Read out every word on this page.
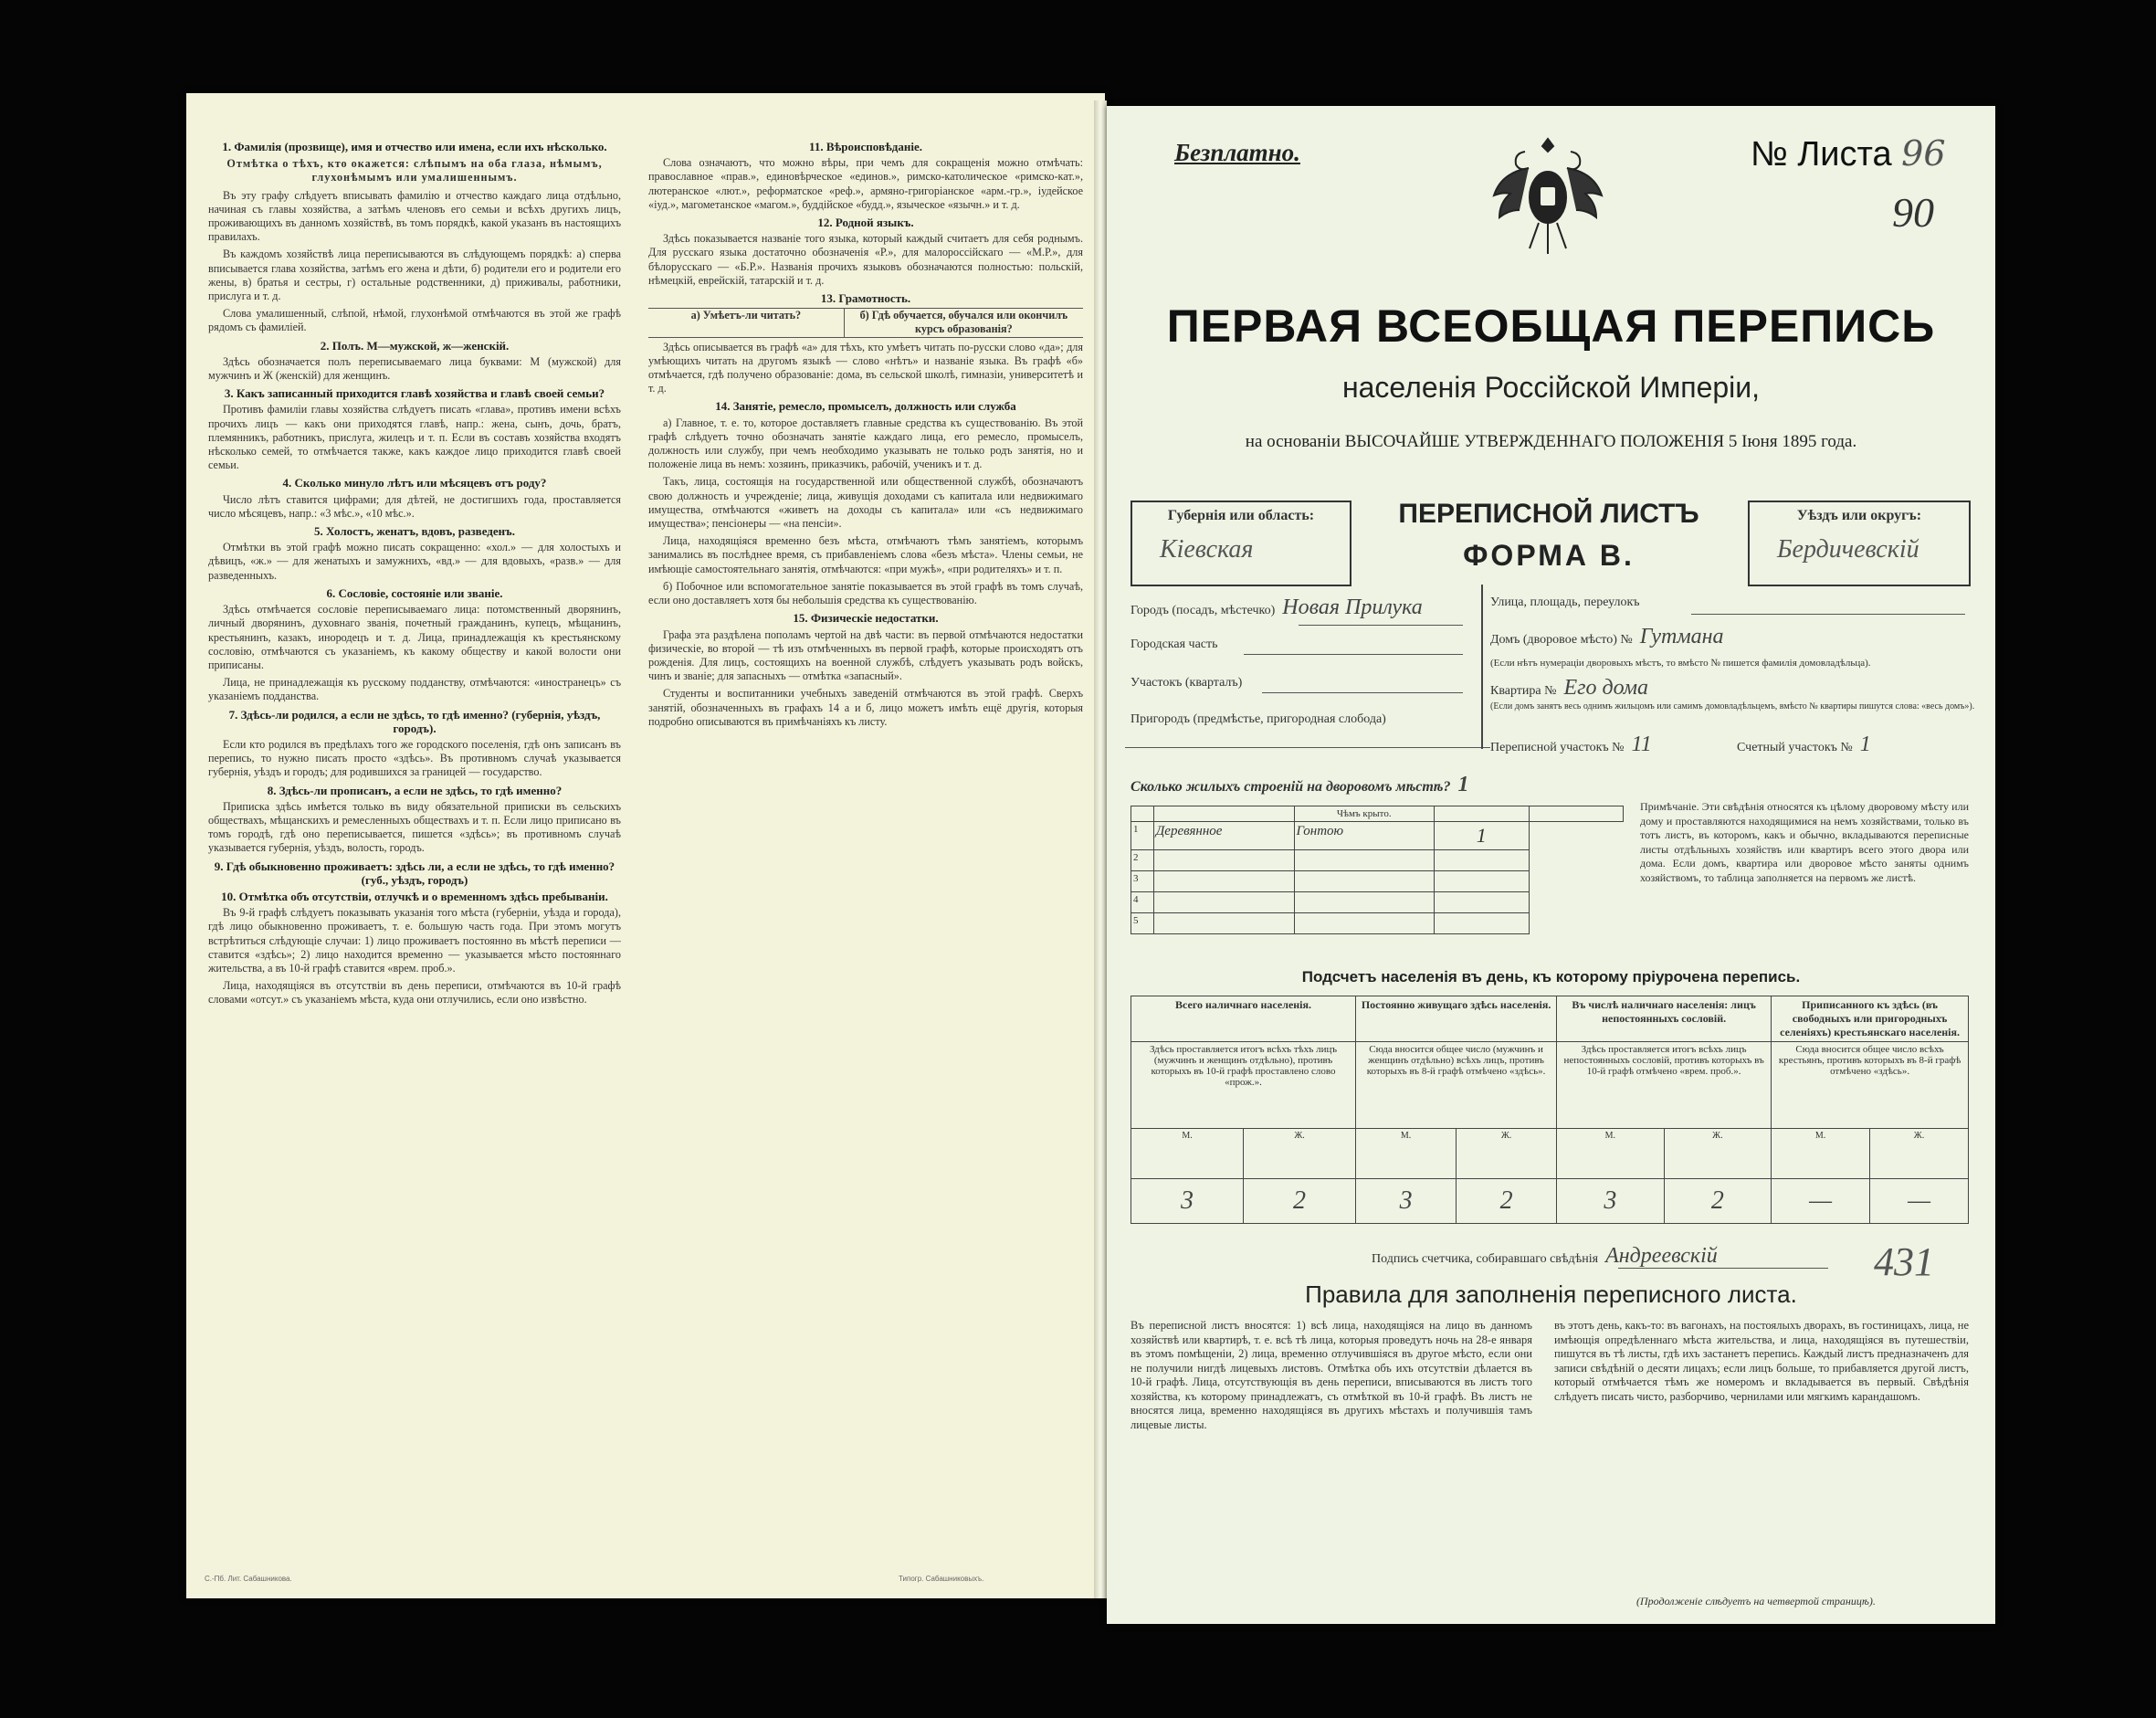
1. Фамилія (прозвище), имя и отчество или имена, если ихъ нѣсколько.
Отмѣтка о тѣхъ, кто окажется: слѣпымъ на оба глаза, нѣмымъ, глухонѣмымъ или умалишеннымъ.

Въ эту графу слѣдуетъ вписывать фамилію и отчество каждаго лица отдѣльно, начиная съ главы хозяйства, а затѣмъ членовъ его семьи и всѣхъ другихъ лицъ, проживающихъ въ данномъ хозяйствѣ, въ томъ порядкѣ, какой указанъ въ настоящихъ правилахъ.

Въ каждомъ хозяйствѣ лица переписываются въ слѣдующемъ порядкѣ: а) сперва вписывается глава хозяйства, затѣмъ его жена и дѣти, б) родители его и родители его жены, в) братья и сестры, г) остальные родственники, д) приживалы, работники, прислуга и т. д.

Слова умалишенный, слѣпой, нѣмой, глухонѣмой отмѣчаются въ этой же графѣ рядомъ съ фамиліей.

2. Полъ. М—мужской, ж—женскій.

Здѣсь обозначается полъ переписываемаго лица буквами: М (мужской) для мужчинъ и Ж (женскій) для женщинъ.

3. Какъ записанный приходится главѣ хозяйства и главѣ своей семьи?

Противъ фамиліи главы хозяйства слѣдуетъ писать «глава», противъ имени всѣхъ прочихъ лицъ — какъ они приходятся главѣ, напр.: жена, сынъ, дочь, братъ, племянникъ, работникъ, прислуга, жилецъ и т. п. Если въ составъ хозяйства входятъ нѣсколько семей, то отмѣчается также, какъ каждое лицо приходится главѣ своей семьи.

4. Сколько минуло лѣтъ или мѣсяцевъ отъ роду?

Число лѣтъ ставится цифрами; для дѣтей, не достигшихъ года, проставляется число мѣсяцевъ, напр.: «3 мѣс.», «10 мѣс.».

5. Холостъ, женатъ, вдовъ, разведенъ.

Отмѣтки въ этой графѣ можно писать сокращенно: «хол.» — для холостыхъ и дѣвицъ, «ж.» — для женатыхъ и замужнихъ, «вд.» — для вдовыхъ, «разв.» — для разведенныхъ.

6. Сословіе, состояніе или званіе.

Здѣсь отмѣчается сословіе переписываемаго лица: потомственный дворянинъ, личный дворянинъ, духовнаго званія, почетный гражданинъ, купецъ, мѣщанинъ, крестьянинъ, казакъ, инородецъ и т. д. Лица, принадлежащія къ крестьянскому сословію, отмѣчаются съ указаніемъ, къ какому обществу и какой волости они приписаны.

Лица, не принадлежащія къ русскому подданству, отмѣчаются: «иностранецъ» съ указаніемъ подданства.

7. Здѣсь-ли родился, а если не здѣсь, то гдѣ именно? (губернія, уѣздъ, городъ).

Если кто родился въ предѣлахъ того же городского поселенія, гдѣ онъ записанъ въ перепись, то нужно писать просто «здѣсь». Въ противномъ случаѣ указывается губернія, уѣздъ и городъ; для родившихся за границей — государство.

8. Здѣсь-ли прописанъ, а если не здѣсь, то гдѣ именно?

Приписка здѣсь имѣется только въ виду обязательной приписки въ сельскихъ обществахъ, мѣщанскихъ и ремесленныхъ обществахъ и т. п. Если лицо приписано въ томъ городѣ, гдѣ оно переписывается, пишется «здѣсь»; въ противномъ случаѣ указывается губернія, уѣздъ, волость, городъ.

9. Гдѣ обыкновенно проживаетъ: здѣсь ли, а если не здѣсь, то гдѣ именно? (губ., уѣздъ, городъ)
10. Отмѣтка объ отсутствіи, отлучкѣ и о временномъ здѣсь пребываніи.

Въ 9-й графѣ слѣдуетъ показывать указанія того мѣста (губерніи, уѣзда и города), гдѣ лицо обыкновенно проживаетъ, т. е. большую часть года. При этомъ могутъ встрѣтиться слѣдующіе случаи: 1) лицо проживаетъ постоянно въ мѣстѣ переписи — ставится «здѣсь»; 2) лицо находится временно — указывается мѣсто постояннаго жительства, а въ 10-й графѣ ставится «врем. проб.».

Лица, находящіяся въ отсутствіи въ день переписи, отмѣчаются въ 10-й графѣ словами «отсут.» съ указаніемъ мѣста, куда они отлучились, если оно извѣстно.

11. Вѣроисповѣданіе.

Слова означаютъ, что можно вѣры, при чемъ для сокращенія можно отмѣчать: православное «прав.», единовѣрческое «единов.», римско-католическое «римско-кат.», лютеранское «лют.», реформатское «реф.», армяно-григоріанское «арм.-гр.», іудейское «іуд.», магометанское «магом.», буддійское «будд.», языческое «язычн.» и т. д.

12. Родной языкъ.

Здѣсь показывается названіе того языка, который каждый считаетъ для себя роднымъ. Для русскаго языка достаточно обозначенія «Р.», для малороссійскаго — «М.Р.», для бѣлорусскаго — «Б.Р.». Названія прочихъ языковъ обозначаются полностью: польскій, нѣмецкій, еврейскій, татарскій и т. д.

13. Грамотность.
а) Умѣетъ-ли читать?	б) Гдѣ обучается, обучался или окончилъ курсъ образованія?

Здѣсь описывается въ графѣ «а» для тѣхъ, кто умѣетъ читать по-русски слово «да»; для умѣющихъ читать на другомъ языкѣ — слово «нѣтъ» и названіе языка. Въ графѣ «б» отмѣчается, гдѣ получено образованіе: дома, въ сельской школѣ, гимназіи, университетѣ и т. д.

14. Занятіе, ремесло, промыселъ, должность или служба

а) Главное, т. е. то, которое доставляетъ главные средства къ существованію. Въ этой графѣ слѣдуетъ точно обозначать занятіе каждаго лица, его ремесло, промыселъ, должность или службу, при чемъ необходимо указывать не только родъ занятія, но и положеніе лица въ немъ: хозяинъ, приказчикъ, рабочій, ученикъ и т. д.

Такъ, лица, состоящія на государственной или общественной службѣ, обозначаютъ свою должность и учрежденіе; лица, живущія доходами съ капитала или недвижимаго имущества, отмѣчаются «живетъ на доходы съ капитала» или «съ недвижимаго имущества»; пенсіонеры — «на пенсіи».

Лица, находящіяся временно безъ мѣста, отмѣчаютъ тѣмъ занятіемъ, которымъ занимались въ послѣднее время, съ прибавленіемъ слова «безъ мѣста». Члены семьи, не имѣющіе самостоятельнаго занятія, отмѣчаются: «при мужѣ», «при родителяхъ» и т. п.

б) Побочное или вспомогательное занятіе показывается въ этой графѣ въ томъ случаѣ, если оно доставляетъ хотя бы небольшія средства къ существованію.

15. Физическіе недостатки.

Графа эта раздѣлена пополамъ чертой на двѣ части: въ первой отмѣчаются недостатки физическіе, во второй — тѣ изъ отмѣченныхъ въ первой графѣ, которые происходятъ отъ рожденія. Для лицъ, состоящихъ на военной службѣ, слѣдуетъ указывать родъ войскъ, чинъ и званіе; для запасныхъ — отмѣтка «запасный».

Студенты и воспитанники учебныхъ заведеній отмѣчаются въ этой графѣ. Сверхъ занятій, обозначенныхъ въ графахъ 14 а и б, лицо можетъ имѣть ещё другія, которыя подробно описываются въ примѣчаніяхъ къ листу.

С.-Пб. Лит. Сабашникова.	Типогр. Сабашниковыхъ.
Безплатно.	№ Листа 96
90
ПЕРВАЯ ВСЕОБЩАЯ ПЕРЕПИСЬ
населенія Россійской Имперіи,
на основаніи ВЫСОЧАЙШЕ УТВЕРЖДЕННАГО ПОЛОЖЕНІЯ 5 Іюня 1895 года.
Губернія или область:
Кіевская
ПЕРЕПИСНОЙ ЛИСТЪ
ФОРМА В.
Уѣздъ или округъ:
Бердичевскій
Городъ (посадъ, мѣстечко) Новая Прилука
Городская часть
Участокъ (кварталъ)
Пригородъ (предмѣстье, пригородная слобода)
Улица, площадь, переулокъ
Домъ (дворовое мѣсто) № Гутмана
(Если нѣтъ нумераціи дворовыхъ мѣстъ, то вмѣсто № пишется фамилія домовладѣльца).
Квартира № Его дома
(Если домъ занятъ весь однимъ жильцомъ или самимъ домовладѣльцемъ, вмѣсто № квартиры пишутся слова: «весь домъ»).
Переписной участокъ № 11	Счетный участокъ № 1
Сколько жилыхъ строеній на дворовомъ мѣстѣ? 1
		Чѣмъ крыто.		
1	Деревянное	Гонтою	1	
2				
3				
4				
5				
Примѣчаніе. Эти свѣдѣнія относятся къ цѣлому дворовому мѣсту или дому и проставляются находящимися на немъ хозяйствами, только въ тотъ листъ, въ которомъ, какъ и обычно, вкладываются переписные листы отдѣльныхъ хозяйствъ или квартиръ всего этого двора или дома. Если домъ, квартира или дворовое мѣсто заняты однимъ хозяйствомъ, то таблица заполняется на первомъ же листѣ.
Подсчетъ населенія въ день, къ которому пріурочена перепись.
Всего наличнаго населенія.		Постоянно живущаго здѣсь населенія.		Въ числѣ наличнаго населенія: лицъ непостоянныхъ сословій.		Приписанного къ здѣсь (въ свободныхъ или пригородныхъ селеніяхъ) крестьянскаго населенія.	
Здѣсь проставляется итогъ всѣхъ тѣхъ лицъ (мужчинъ и женщинъ отдѣльно), противъ которыхъ въ 10-й графѣ проставлено слово «прож.».		Сюда вносится общее число (мужчинъ и женщинъ отдѣльно) всѣхъ лицъ, противъ которыхъ въ 8-й графѣ отмѣчено «здѣсь».		Здѣсь проставляется итогъ всѣхъ лицъ непостоянныхъ сословій, противъ которыхъ въ 10-й графѣ отмѣчено «врем. проб.».		Сюда вносится общее число всѣхъ крестьянъ, противъ которыхъ въ 8-й графѣ отмѣчено «здѣсь».	
М.	Ж.	М.	Ж.	М.	Ж.	М.	Ж.
3	2	3	2	3	2	—	—
Подпись счетчика, собиравшаго свѣдѣнія Андреевскій	431
Правила для заполненія переписного листа.
Въ переписной листъ вносятся: 1) всѣ лица, находящіяся на лицо въ данномъ хозяйствѣ или квартирѣ, т. е. всѣ тѣ лица, которыя проведутъ ночь на 28-е января въ этомъ помѣщеніи, 2) лица, временно отлучившіяся въ другое мѣсто, если они не получили нигдѣ лицевыхъ листовъ. Отмѣтка объ ихъ отсутствіи дѣлается въ 10-й графѣ. Лица, отсутствующія въ день переписи, вписываются въ листъ того хозяйства, къ которому принадлежатъ, съ отмѣткой въ 10-й графѣ. Въ листъ не вносятся лица, временно находящіяся въ другихъ мѣстахъ и получившія тамъ лицевые листы.
въ этотъ день, какъ-то: въ вагонахъ, на постоялыхъ дворахъ, въ гостиницахъ, лица, не имѣющія опредѣленнаго мѣста жительства, и лица, находящіяся въ путешествіи, пишутся въ тѣ листы, гдѣ ихъ застанетъ перепись. Каждый листъ предназначенъ для записи свѣдѣній о десяти лицахъ; если лицъ больше, то прибавляется другой листъ, который отмѣчается тѣмъ же номеромъ и вкладывается въ первый. Свѣдѣнія слѣдуетъ писать чисто, разборчиво, чернилами или мягкимъ карандашомъ.
(Продолженіе слѣдуетъ на четвертой страницѣ).
